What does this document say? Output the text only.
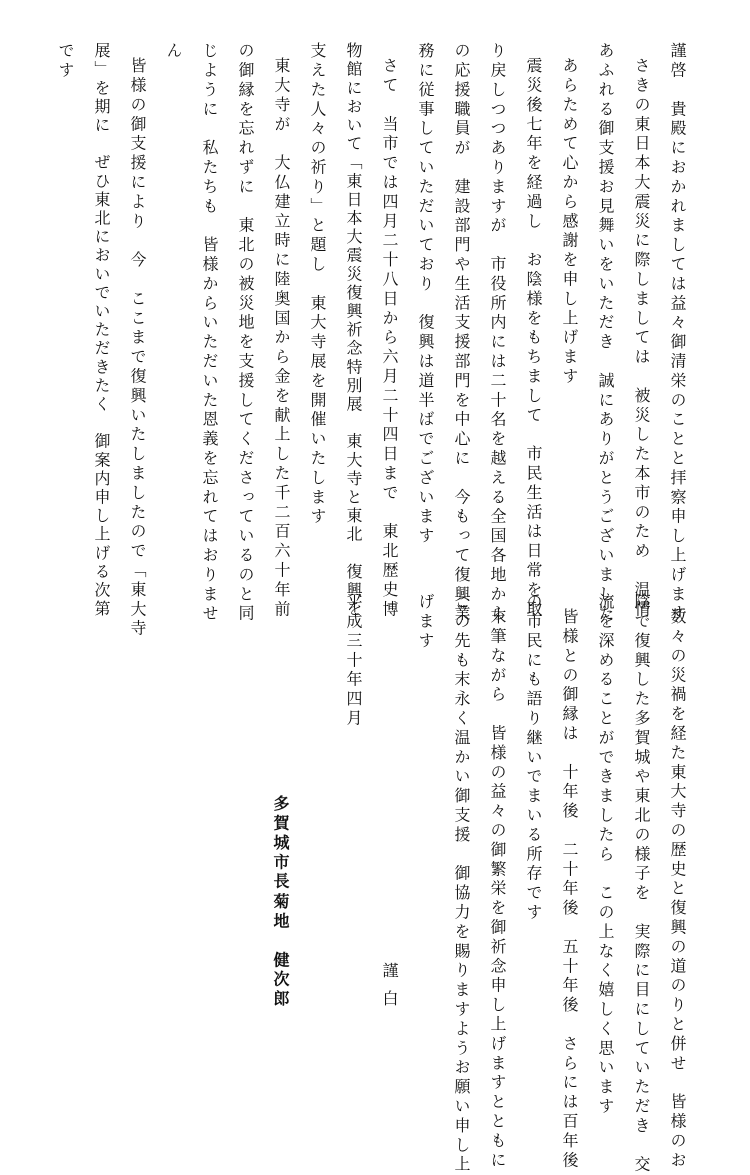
謹啓　貴殿におかれましては益々御清栄のことと拝察申し上げます
さきの東日本大震災に際しましては　被災した本市のため　温情
あふれる御支援お見舞いをいただき　誠にありがとうございました
あらためて心から感謝を申し上げます
震災後七年を経過し　お陰様をもちまして　市民生活は日常を取
り戻しつつありますが　市役所内には二十名を越える全国各地から
の応援職員が　建設部門や生活支援部門を中心に　今もって復興業
務に従事していただいており　復興は道半ばでございます
さて　当市では四月二十八日から六月二十四日まで　東北歴史博
物館において「東日本大震災復興祈念特別展　東大寺と東北　復興を
支えた人々の祈り」と題し　東大寺展を開催いたします
東大寺が　大仏建立時に陸奥国から金を献上した千二百六十年前
の御縁を忘れずに　東北の被災地を支援してくださっているのと同
じように　私たちも　皆様からいただいた恩義を忘れてはおりませ
ん
皆様の御支援により　今　ここまで復興いたしましたので「東大寺
展」を期に　ぜひ東北においでいただきたく　御案内申し上げる次第
です
数々の災禍を経た東大寺の歴史と復興の道のりと併せ　皆様のお
陰で復興した多賀城や東北の様子を　実際に目にしていただき　交
流を深めることができましたら　この上なく嬉しく思います
皆様との御縁は　十年後　二十年後　五十年後　さらには百年後
の市民にも語り継いでまいる所存です
末筆ながら　皆様の益々の御繁栄を御祈念申し上げますとともに
この先も末永く温かい御支援　御協力を賜りますようお願い申し上
げます
謹白
平成三十年四月
多賀城市長
菊地　健次郎
